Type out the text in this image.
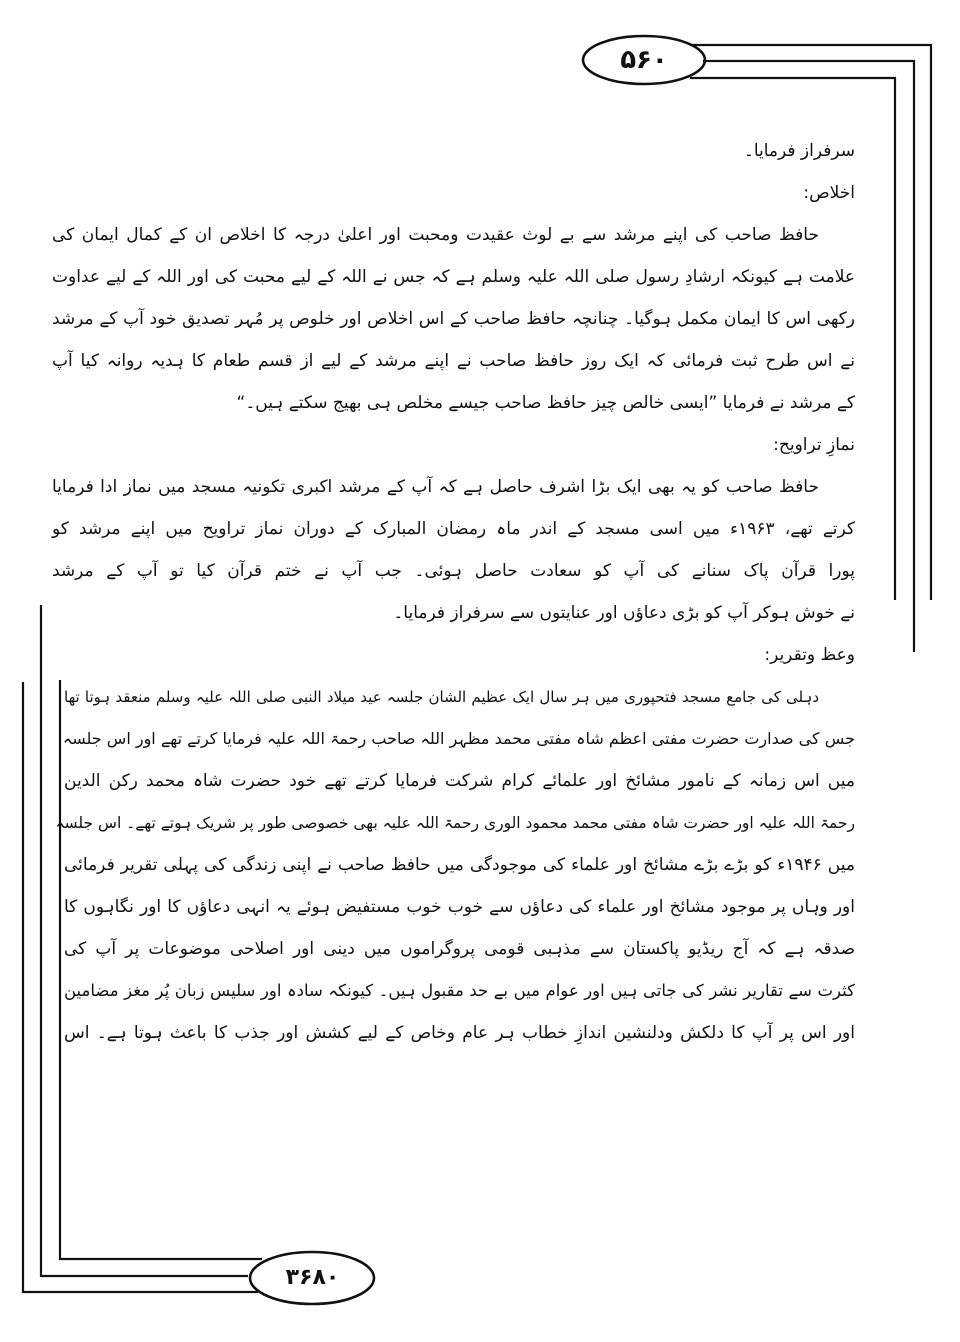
۵۶۰
۳۶۸۰
سرفراز فرمایا۔
اخلاص:
حافظ صاحب کی اپنے مرشد سے بے لوث عقیدت ومحبت اور اعلیٰ درجہ کا اخلاص ان کے کمال ایمان کی
علامت ہے کیونکہ ارشادِ رسول صلی اللہ علیہ وسلم ہے کہ جس نے اللہ کے لیے محبت کی اور اللہ کے لیے عداوت
رکھی اس کا ایمان مکمل ہوگیا۔ چنانچہ حافظ صاحب کے اس اخلاص اور خلوص پر مُہر تصدیق خود آپ کے مرشد
نے اس طرح ثبت فرمائی کہ ایک روز حافظ صاحب نے اپنے مرشد کے لیے از قسم طعام کا ہدیہ روانہ کیا آپ
کے مرشد نے فرمایا ”ایسی خالص چیز حافظ صاحب جیسے مخلص ہی بھیج سکتے ہیں۔“
نمازِ تراویح:
حافظ صاحب کو یہ بھی ایک بڑا اشرف حاصل ہے کہ آپ کے مرشد اکبری تکونیہ مسجد میں نماز ادا فرمایا
کرتے تھے، ۱۹۶۳ء میں اسی مسجد کے اندر ماہ رمضان المبارک کے دوران نماز تراویح میں اپنے مرشد کو
پورا قرآن پاک سنانے کی آپ کو سعادت حاصل ہوئی۔ جب آپ نے ختم قرآن کیا تو آپ کے مرشد
نے خوش ہوکر آپ کو بڑی دعاؤں اور عنایتوں سے سرفراز فرمایا۔
وعظ وتقریر:
دہلی کی جامع مسجد فتحپوری میں ہر سال ایک عظیم الشان جلسہ عید میلاد النبی صلی اللہ علیہ وسلم منعقد ہوتا تھا
جس کی صدارت حضرت مفتی اعظم شاہ مفتی محمد مظہر اللہ صاحب رحمۃ اللہ علیہ فرمایا کرتے تھے اور اس جلسہ
میں اس زمانہ کے نامور مشائخ اور علمائے کرام شرکت فرمایا کرتے تھے خود حضرت شاہ محمد رکن الدین
رحمۃ اللہ علیہ اور حضرت شاہ مفتی محمد محمود الوری رحمۃ اللہ علیہ بھی خصوصی طور پر شریک ہوتے تھے۔ اس جلسہ
میں ۱۹۴۶ء کو بڑے بڑے مشائخ اور علماء کی موجودگی میں حافظ صاحب نے اپنی زندگی کی پہلی تقریر فرمائی
اور وہاں پر موجود مشائخ اور علماء کی دعاؤں سے خوب خوب مستفیض ہوئے یہ انہی دعاؤں کا اور نگاہوں کا
صدقہ ہے کہ آج ریڈیو پاکستان سے مذہبی قومی پروگراموں میں دینی اور اصلاحی موضوعات پر آپ کی
کثرت سے تقاریر نشر کی جاتی ہیں اور عوام میں بے حد مقبول ہیں۔ کیونکہ سادہ اور سلیس زبان پُر مغز مضامین
اور اس پر آپ کا دلکش ودلنشین اندازِ خطاب ہر عام وخاص کے لیے کشش اور جذب کا باعث ہوتا ہے۔ اس
